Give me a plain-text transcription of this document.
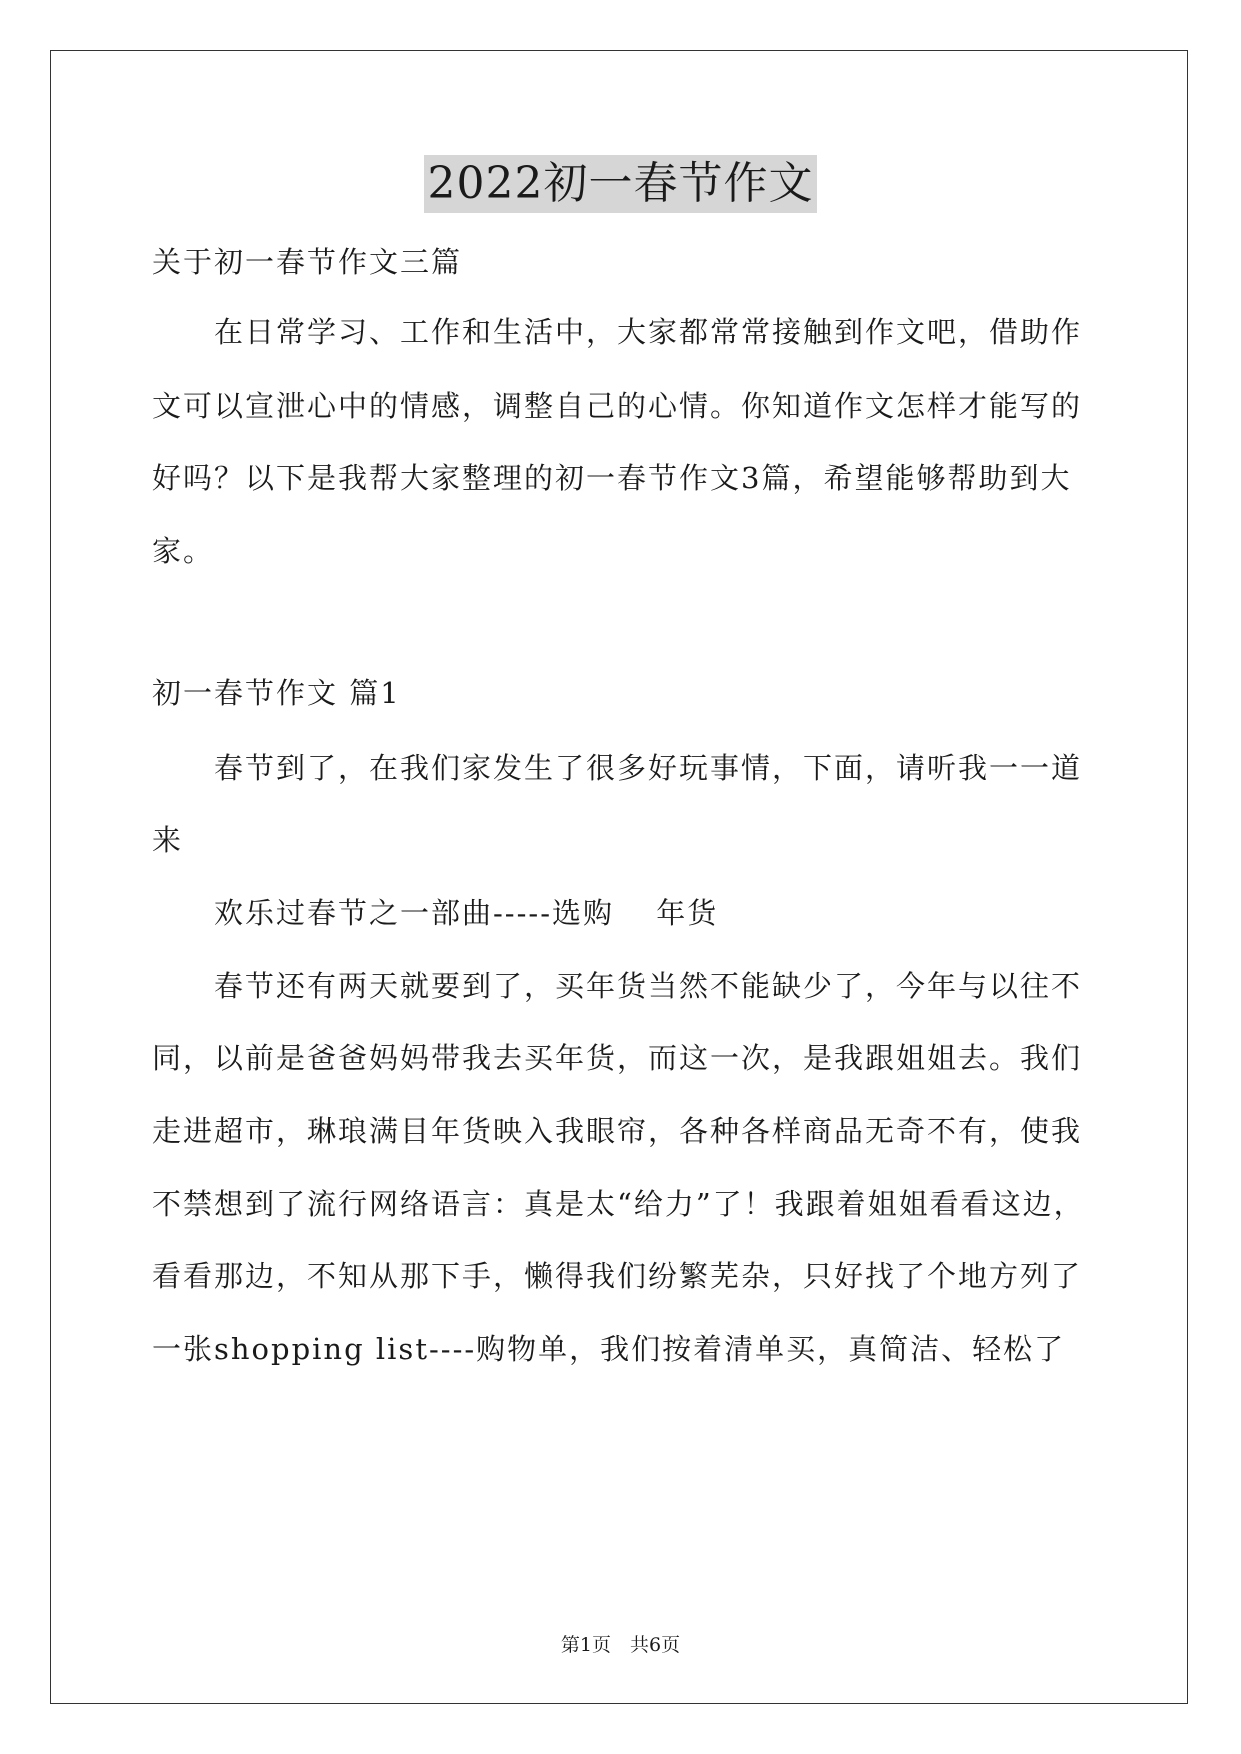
2022初一春节作文
关于初一春节作文三篇
　　在日常学习、工作和生活中，大家都常常接触到作文吧，借助作
文可以宣泄心中的情感，调整自己的心情。你知道作文怎样才能写的
好吗？以下是我帮大家整理的初一春节作文3篇，希望能够帮助到大
家。
初一春节作文 篇1
　　春节到了，在我们家发生了很多好玩事情，下面，请听我一一道
来
　　欢乐过春节之一部曲-----选购　 年货
　　春节还有两天就要到了，买年货当然不能缺少了，今年与以往不
同，以前是爸爸妈妈带我去买年货，而这一次，是我跟姐姐去。我们
走进超市，琳琅满目年货映入我眼帘，各种各样商品无奇不有，使我
不禁想到了流行网络语言：真是太“给力”了！我跟着姐姐看看这边，
看看那边，不知从那下手，懒得我们纷繁芜杂，只好找了个地方列了
一张shopping list----购物单，我们按着清单买，真简洁、轻松了
第1页　共6页
